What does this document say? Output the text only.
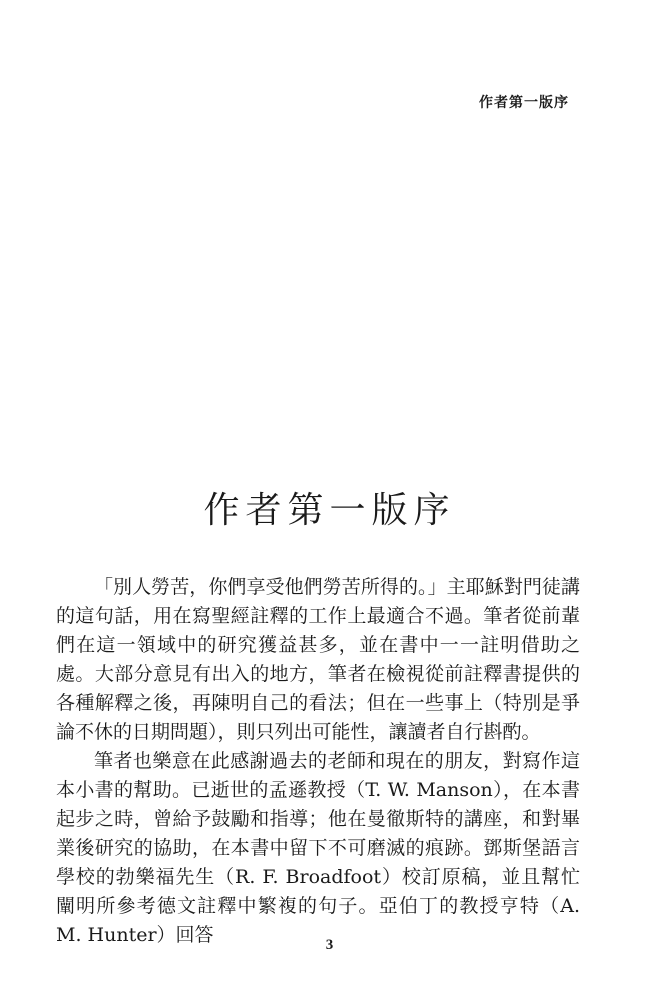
作者第一版序
作者第一版序

「別人勞苦，你們享受他們勞苦所得的。」主耶穌對門徒講的這句話，用在寫聖經註釋的工作上最適合不過。筆者從前輩們在這一領域中的研究獲益甚多，並在書中一一註明借助之處。大部分意見有出入的地方，筆者在檢視從前註釋書提供的各種解釋之後，再陳明自己的看法；但在一些事上（特別是爭論不休的日期問題），則只列出可能性，讓讀者自行斟酌。

筆者也樂意在此感謝過去的老師和現在的朋友，對寫作這本小書的幫助。已逝世的孟遜教授（T. W. Manson），在本書起步之時，曾給予鼓勵和指導；他在曼徹斯特的講座，和對畢業後研究的協助，在本書中留下不可磨滅的痕跡。鄧斯堡語言學校的勃樂福先生（R. F. Broadfoot）校訂原稿，並且幫忙闡明所參考德文註釋中繁複的句子。亞伯丁的教授亨特（A. M. Hunter）回答	3
